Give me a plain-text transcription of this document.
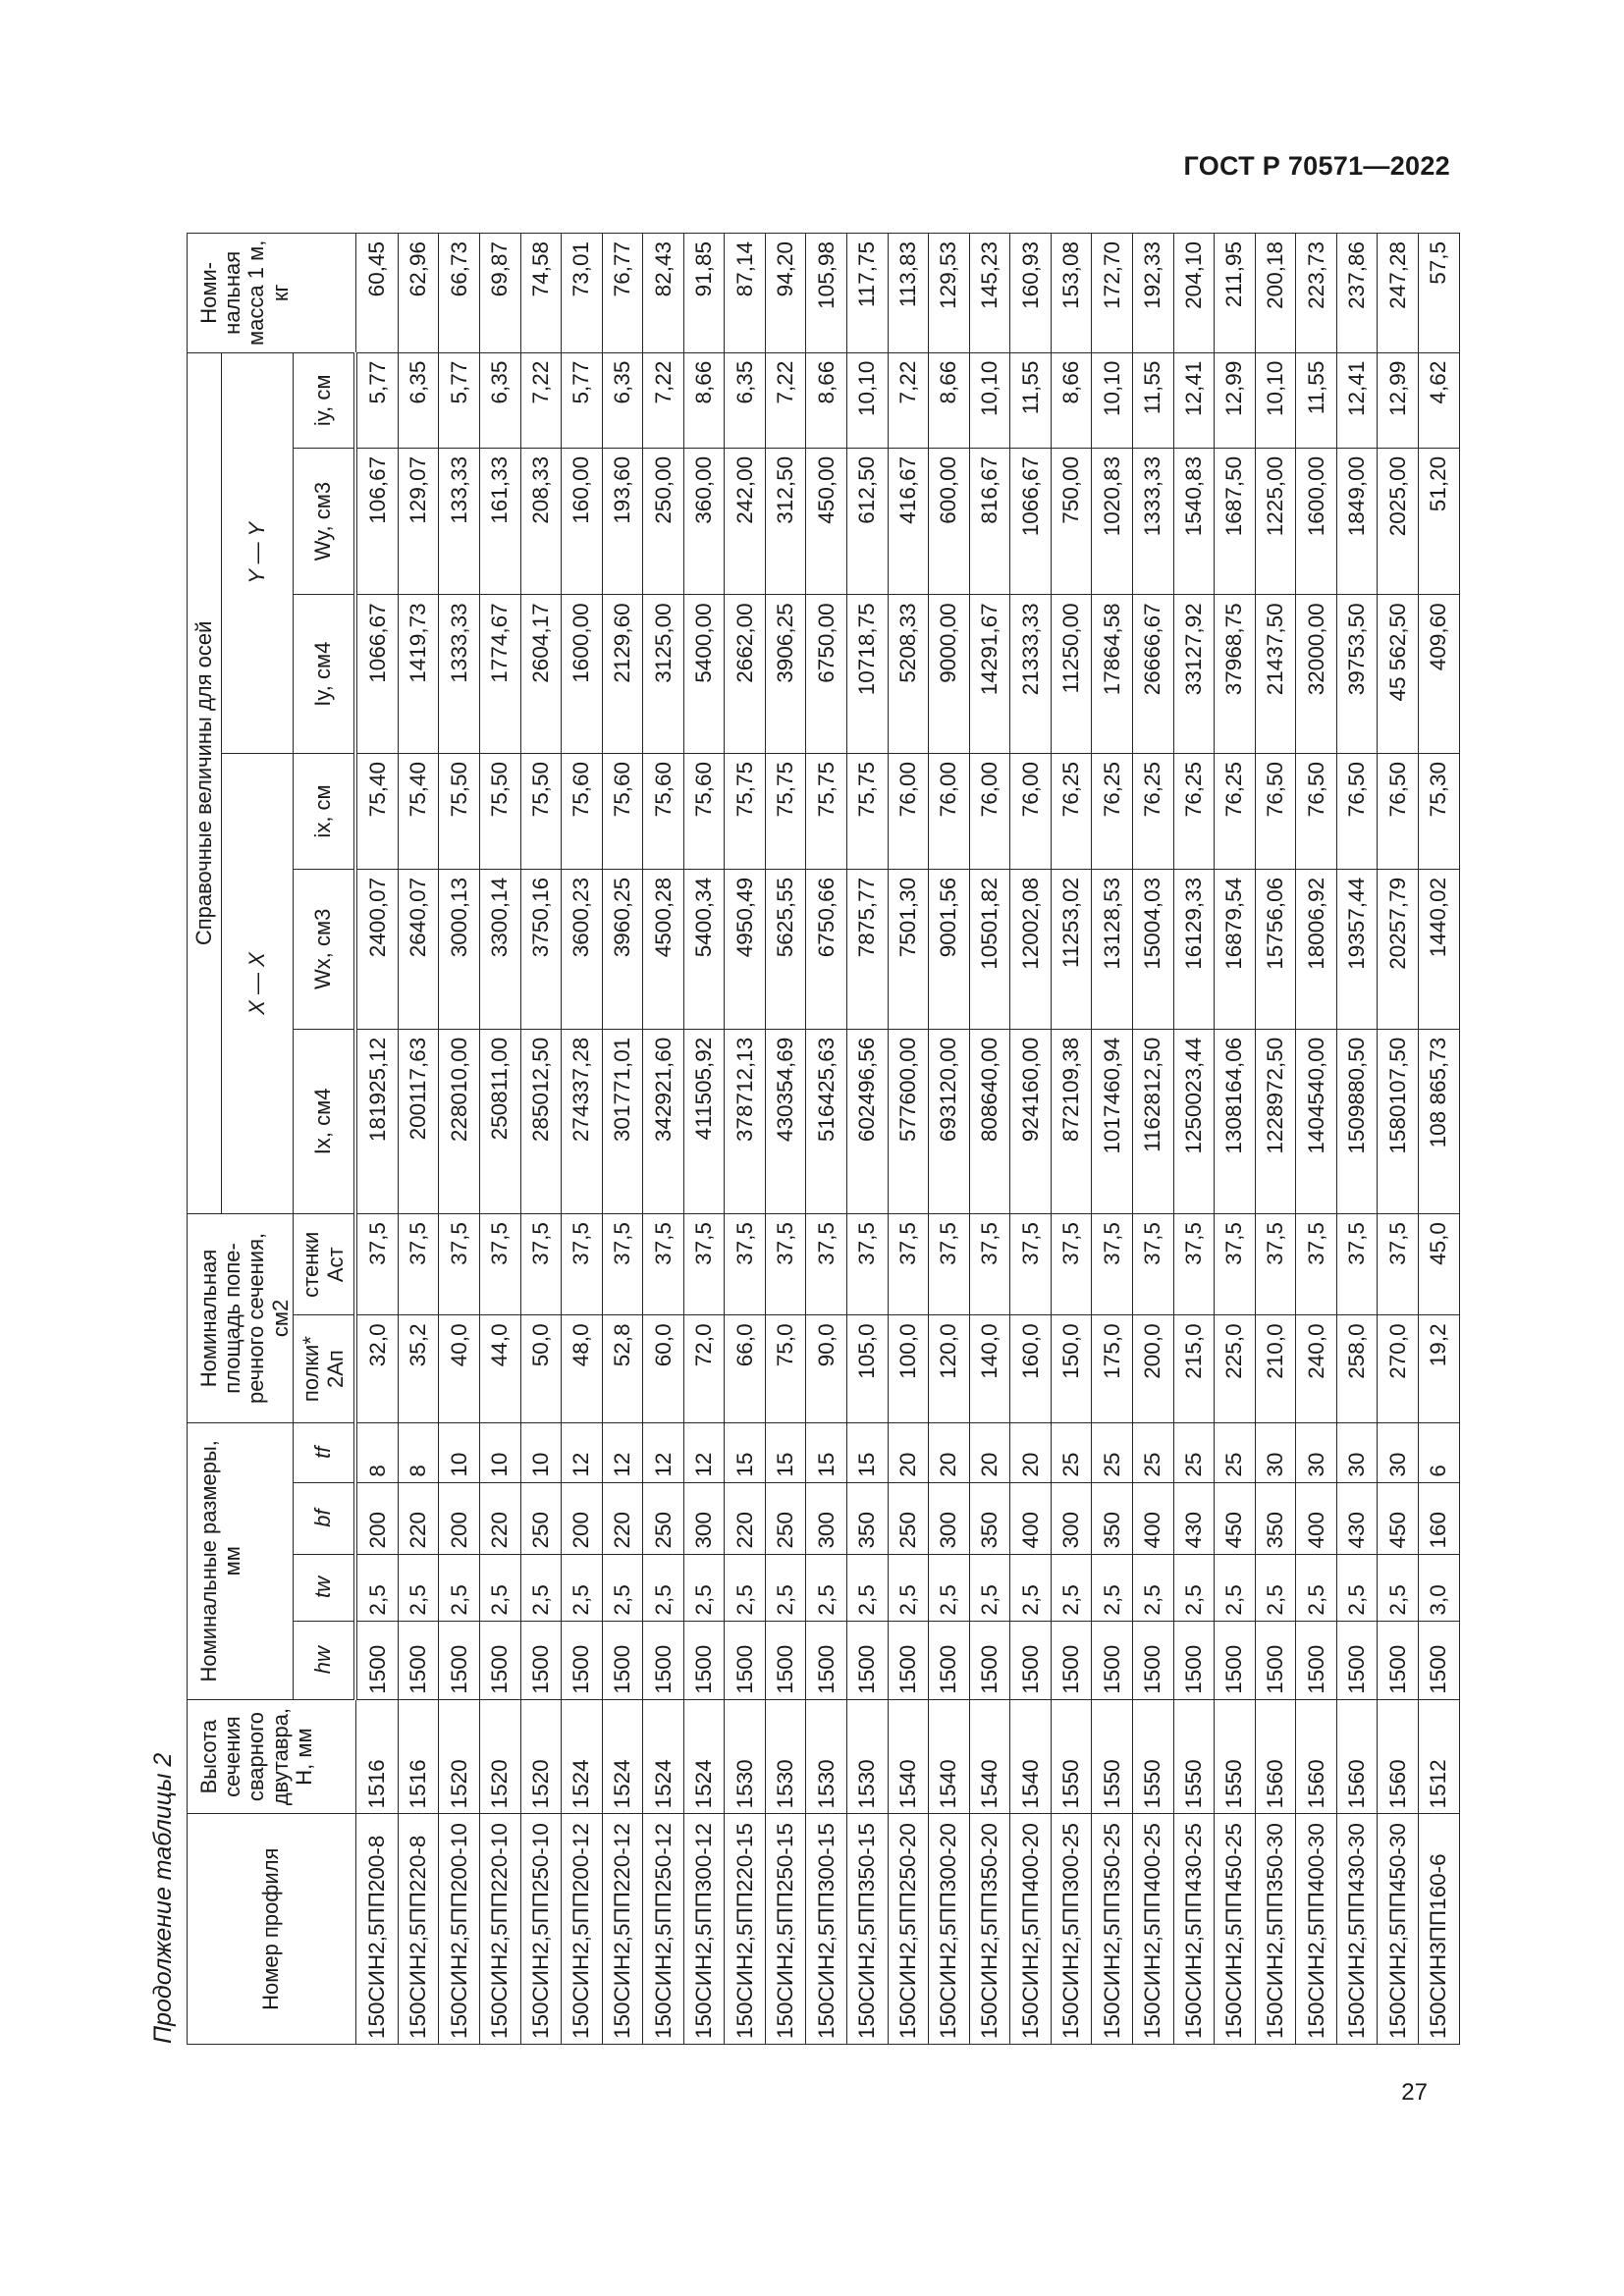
ГОСТ Р 70571—2022
27
Продолжение таблицы 2	Номер профиля	Высота сечения сварного двутавра, H, мм	Номинальные размеры, мм				Номинальная площадь попе-речного сечения, см2		Справочные величины для осей						Номи-нальная масса 1 м, кг
								X — X			Y — Y			
		hw	tw	bf	tf	полки* 2Aп	стенки Aст	Ix, см4	Wx, см3	ix, см	Iy, см4	Wy, см3	iy, см	
150СИН2,5ПП200-8	1516	1500	2,5	200	8	32,0	37,5	181925,12	2400,07	75,40	1066,67	106,67	5,77	60,45
150СИН2,5ПП220-8	1516	1500	2,5	220	8	35,2	37,5	200117,63	2640,07	75,40	1419,73	129,07	6,35	62,96
150СИН2,5ПП200-10	1520	1500	2,5	200	10	40,0	37,5	228010,00	3000,13	75,50	1333,33	133,33	5,77	66,73
150СИН2,5ПП220-10	1520	1500	2,5	220	10	44,0	37,5	250811,00	3300,14	75,50	1774,67	161,33	6,35	69,87
150СИН2,5ПП250-10	1520	1500	2,5	250	10	50,0	37,5	285012,50	3750,16	75,50	2604,17	208,33	7,22	74,58
150СИН2,5ПП200-12	1524	1500	2,5	200	12	48,0	37,5	274337,28	3600,23	75,60	1600,00	160,00	5,77	73,01
150СИН2,5ПП220-12	1524	1500	2,5	220	12	52,8	37,5	301771,01	3960,25	75,60	2129,60	193,60	6,35	76,77
150СИН2,5ПП250-12	1524	1500	2,5	250	12	60,0	37,5	342921,60	4500,28	75,60	3125,00	250,00	7,22	82,43
150СИН2,5ПП300-12	1524	1500	2,5	300	12	72,0	37,5	411505,92	5400,34	75,60	5400,00	360,00	8,66	91,85
150СИН2,5ПП220-15	1530	1500	2,5	220	15	66,0	37,5	378712,13	4950,49	75,75	2662,00	242,00	6,35	87,14
150СИН2,5ПП250-15	1530	1500	2,5	250	15	75,0	37,5	430354,69	5625,55	75,75	3906,25	312,50	7,22	94,20
150СИН2,5ПП300-15	1530	1500	2,5	300	15	90,0	37,5	516425,63	6750,66	75,75	6750,00	450,00	8,66	105,98
150СИН2,5ПП350-15	1530	1500	2,5	350	15	105,0	37,5	602496,56	7875,77	75,75	10718,75	612,50	10,10	117,75
150СИН2,5ПП250-20	1540	1500	2,5	250	20	100,0	37,5	577600,00	7501,30	76,00	5208,33	416,67	7,22	113,83
150СИН2,5ПП300-20	1540	1500	2,5	300	20	120,0	37,5	693120,00	9001,56	76,00	9000,00	600,00	8,66	129,53
150СИН2,5ПП350-20	1540	1500	2,5	350	20	140,0	37,5	808640,00	10501,82	76,00	14291,67	816,67	10,10	145,23
150СИН2,5ПП400-20	1540	1500	2,5	400	20	160,0	37,5	924160,00	12002,08	76,00	21333,33	1066,67	11,55	160,93
150СИН2,5ПП300-25	1550	1500	2,5	300	25	150,0	37,5	872109,38	11253,02	76,25	11250,00	750,00	8,66	153,08
150СИН2,5ПП350-25	1550	1500	2,5	350	25	175,0	37,5	1017460,94	13128,53	76,25	17864,58	1020,83	10,10	172,70
150СИН2,5ПП400-25	1550	1500	2,5	400	25	200,0	37,5	1162812,50	15004,03	76,25	26666,67	1333,33	11,55	192,33
150СИН2,5ПП430-25	1550	1500	2,5	430	25	215,0	37,5	1250023,44	16129,33	76,25	33127,92	1540,83	12,41	204,10
150СИН2,5ПП450-25	1550	1500	2,5	450	25	225,0	37,5	1308164,06	16879,54	76,25	37968,75	1687,50	12,99	211,95
150СИН2,5ПП350-30	1560	1500	2,5	350	30	210,0	37,5	1228972,50	15756,06	76,50	21437,50	1225,00	10,10	200,18
150СИН2,5ПП400-30	1560	1500	2,5	400	30	240,0	37,5	1404540,00	18006,92	76,50	32000,00	1600,00	11,55	223,73
150СИН2,5ПП430-30	1560	1500	2,5	430	30	258,0	37,5	1509880,50	19357,44	76,50	39753,50	1849,00	12,41	237,86
150СИН2,5ПП450-30	1560	1500	2,5	450	30	270,0	37,5	1580107,50	20257,79	76,50	45 562,50	2025,00	12,99	247,28
150СИН3ПП160-6	1512	1500	3,0	160	6	19,2	45,0	108 865,73	1440,02	75,30	409,60	51,20	4,62	57,5
